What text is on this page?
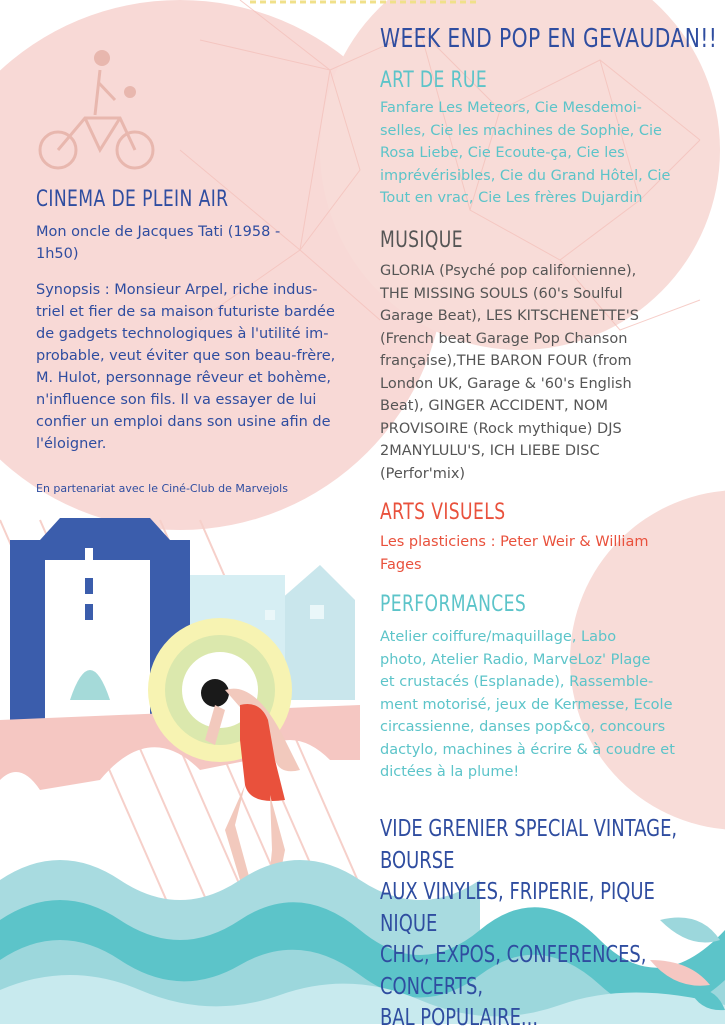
WEEK END POP EN GEVAUDAN!!
ART DE RUE
Fanfare Les Meteors, Cie Mesdemoi-
selles, Cie les machines de Sophie, Cie
Rosa Liebe, Cie Ecoute-ça, Cie les
imprévérisibles, Cie du Grand Hôtel, Cie
Tout en vrac, Cie Les frères Dujardin
MUSIQUE
GLORIA (Psyché pop californienne),
THE MISSING SOULS (60's Soulful
Garage Beat), LES KITSCHENETTE'S
(French beat Garage Pop Chanson
française),THE BARON FOUR (from
London UK, Garage & '60's English
Beat), GINGER ACCIDENT, NOM
PROVISOIRE (Rock mythique) DJS
2MANYLULU'S, ICH LIEBE DISC
(Perfor'mix)
ARTS VISUELS
Les plasticiens : Peter Weir & William
Fages
PERFORMANCES
Atelier coiffure/maquillage, Labo
photo, Atelier Radio, MarveLoz' Plage
et crustacés (Esplanade), Rassemble-
ment motorisé, jeux de Kermesse, Ecole
circassienne, danses pop&co, concours
dactylo, machines à écrire & à coudre et
dictées à la plume!
VIDE GRENIER SPECIAL VINTAGE, BOURSE
AUX VINYLES, FRIPERIE, PIQUE NIQUE
CHIC, EXPOS, CONFERENCES, CONCERTS,
BAL POPULAIRE...
CINEMA DE PLEIN AIR
Mon oncle de Jacques Tati (1958 -
1h50)
Synopsis : Monsieur Arpel, riche indus-
triel et fier de sa maison futuriste bardée
de gadgets technologiques à l'utilité im-
probable, veut éviter que son beau-frère,
M. Hulot, personnage rêveur et bohème,
n'influence son fils. Il va essayer de lui
confier un emploi dans son usine afin de
l'éloigner.
En partenariat avec le Ciné-Club de Marvejols
